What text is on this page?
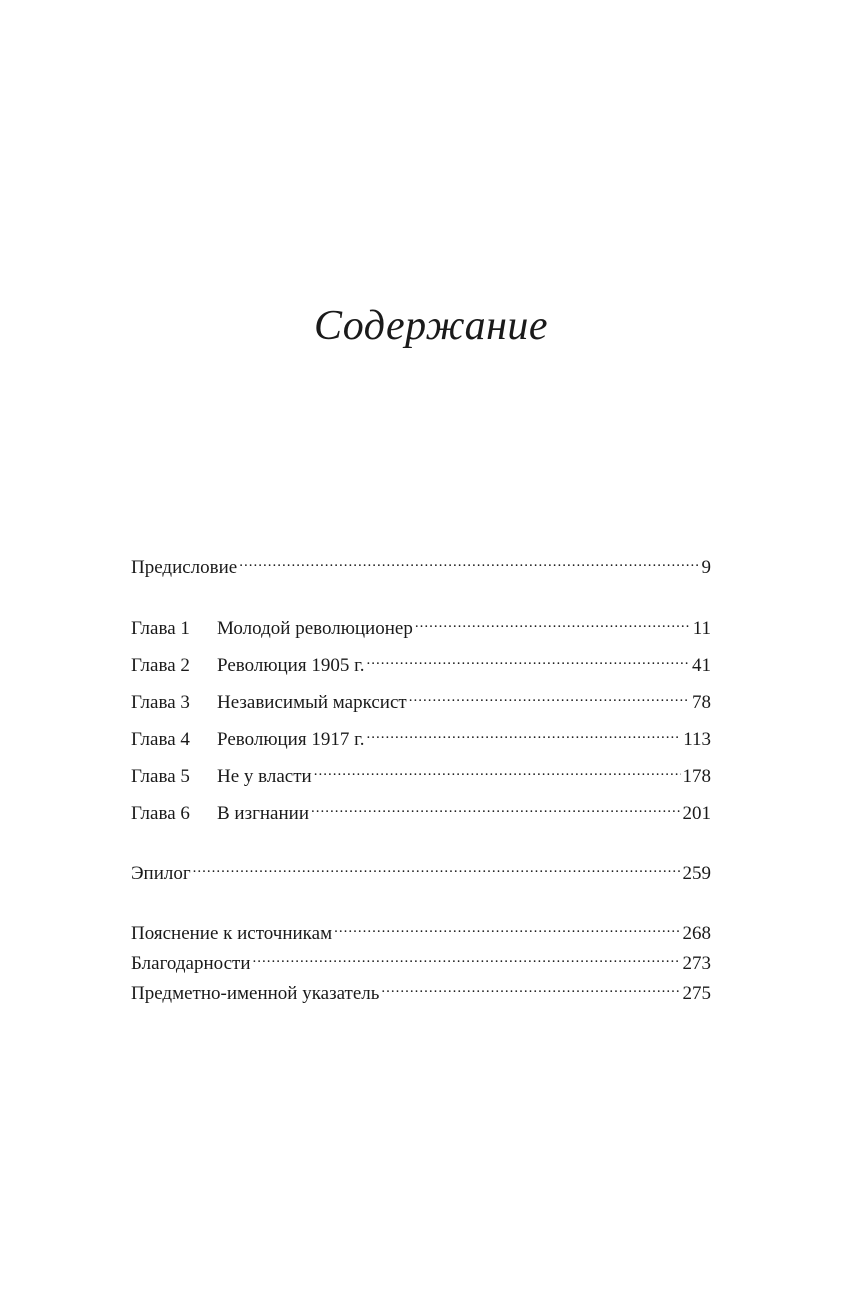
Содержание
Предисловие .....	9
Глава 1	Молодой революционер .....	11
Глава 2	Революция 1905 г. .....	41
Глава 3	Независимый марксист .....	78
Глава 4	Революция 1917 г. .....	113
Глава 5	Не у власти .....	178
Глава 6	В изгнании .....	201
Эпилог .....	259
Пояснение к источникам .....	268
Благодарности .....	273
Предметно-именной указатель .....	275
